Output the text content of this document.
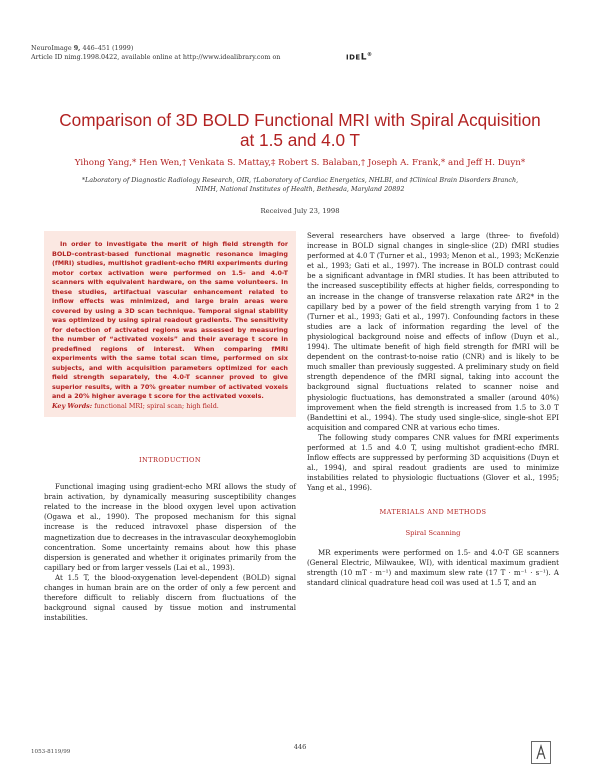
NeuroImage 9, 446–451 (1999)
Article ID nimg.1998.0422, available online at http://www.idealibrary.com on	IDEL®
Comparison of 3D BOLD Functional MRI with Spiral Acquisition
at 1.5 and 4.0 T
Yihong Yang,* Hen Wen,† Venkata S. Mattay,‡ Robert S. Balaban,† Joseph A. Frank,* and Jeff H. Duyn*
*Laboratory of Diagnostic Radiology Research, OIR, †Laboratory of Cardiac Energetics, NHLBI, and ‡Clinical Brain Disorders Branch,
NIMH, National Institutes of Health, Bethesda, Maryland 20892
Received July 23, 1998

In order to investigate the merit of high field strength for BOLD-contrast-based functional magnetic resonance imaging (fMRI) studies, multishot gradient-echo fMRI experiments during motor cortex activation were performed on 1.5- and 4.0-T scanners with equivalent hardware, on the same volunteers. In these studies, artifactual vascular enhancement related to inflow effects was minimized, and large brain areas were covered by using a 3D scan technique. Temporal signal stability was optimized by using spiral readout gradients. The sensitivity for detection of activated regions was assessed by measuring the number of “activated voxels” and their average t score in predefined regions of interest. When comparing fMRI experiments with the same total scan time, performed on six subjects, and with acquisition parameters optimized for each field strength separately, the 4.0-T scanner proved to give superior results, with a 70% greater number of activated voxels and a 20% higher average t score for the activated voxels.

Key Words: functional MRI; spiral scan; high field.
INTRODUCTION

Functional imaging using gradient-echo MRI allows the study of brain activation, by dynamically measuring susceptibility changes related to the increase in the blood oxygen level upon activation (Ogawa et al., 1990). The proposed mechanism for this signal increase is the reduced intravoxel phase dispersion of the magnetization due to decreases in the intravascular deoxyhemoglobin concentration. Some uncertainty remains about how this phase dispersion is generated and whether it originates primarily from the capillary bed or from larger vessels (Lai et al., 1993).

At 1.5 T, the blood-oxygenation level-dependent (BOLD) signal changes in human brain are on the order of only a few percent and therefore difficult to reliably discern from fluctuations of the background signal caused by tissue motion and instrumental instabilities.

Several researchers have observed a large (three- to fivefold) increase in BOLD signal changes in single-slice (2D) fMRI studies performed at 4.0 T (Turner et al., 1993; Menon et al., 1993; McKenzie et al., 1993; Gati et al., 1997). The increase in BOLD contrast could be a significant advantage in fMRI studies. It has been attributed to the increased susceptibility effects at higher fields, corresponding to an increase in the change of transverse relaxation rate ΔR2* in the capillary bed by a power of the field strength varying from 1 to 2 (Turner et al., 1993; Gati et al., 1997). Confounding factors in these studies are a lack of information regarding the level of the physiological background noise and effects of inflow (Duyn et al., 1994). The ultimate benefit of high field strength for fMRI will be dependent on the contrast-to-noise ratio (CNR) and is likely to be much smaller than previously suggested. A preliminary study on field strength dependence of the fMRI signal, taking into account the background signal fluctuations related to scanner noise and physiologic fluctuations, has demonstrated a smaller (around 40%) improvement when the field strength is increased from 1.5 to 3.0 T (Bandettini et al., 1994). The study used single-slice, single-shot EPI acquisition and compared CNR at various echo times.

The following study compares CNR values for fMRI experiments performed at 1.5 and 4.0 T, using multishot gradient-echo fMRI. Inflow effects are suppressed by performing 3D acquisitions (Duyn et al., 1994), and spiral readout gradients are used to minimize instabilities related to physiologic fluctuations (Glover et al., 1995; Yang et al., 1996).

MATERIALS AND METHODS
Spiral Scanning

MR experiments were performed on 1.5- and 4.0-T GE scanners (General Electric, Milwaukee, WI), with identical maximum gradient strength (10 mT · m⁻¹) and maximum slew rate (17 T · m⁻¹ · s⁻¹). A standard clinical quadrature head coil was used at 1.5 T, and an

446
1053-8119/99
